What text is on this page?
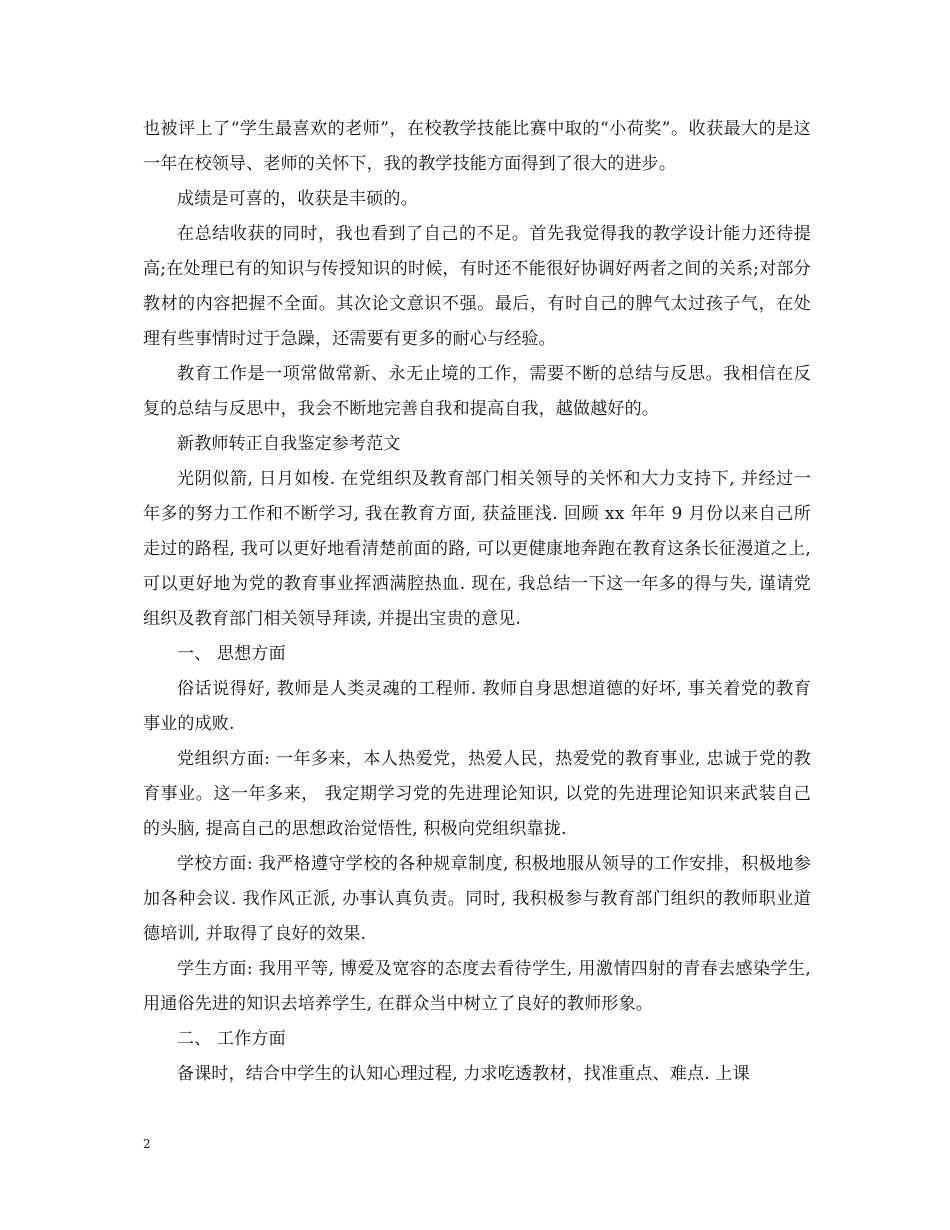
也被评上了“学生最喜欢的老师”，在校教学技能比赛中取的“小荷奖”。收获最大的是这一年在校领导、老师的关怀下，我的教学技能方面得到了很大的进步。

成绩是可喜的，收获是丰硕的。

在总结收获的同时，我也看到了自己的不足。首先我觉得我的教学设计能力还待提高;在处理已有的知识与传授知识的时候，有时还不能很好协调好两者之间的关系;对部分教材的内容把握不全面。其次论文意识不强。最后，有时自己的脾气太过孩子气，在处理有些事情时过于急躁，还需要有更多的耐心与经验。

教育工作是一项常做常新、永无止境的工作，需要不断的总结与反思。我相信在反复的总结与反思中，我会不断地完善自我和提高自我，越做越好的。

新教师转正自我鉴定参考范文

光阴似箭, 日月如梭. 在党组织及教育部门相关领导的关怀和大力支持下, 并经过一年多的努力工作和不断学习, 我在教育方面, 获益匪浅. 回顾 xx 年年 9 月份以来自己所走过的路程, 我可以更好地看清楚前面的路, 可以更健康地奔跑在教育这条长征漫道之上, 可以更好地为党的教育事业挥洒满腔热血. 现在, 我总结一下这一年多的得与失, 谨请党组织及教育部门相关领导拜读, 并提出宝贵的意见.

一、 思想方面

俗话说得好, 教师是人类灵魂的工程师. 教师自身思想道德的好坏, 事关着党的教育事业的成败.

党组织方面: 一年多来，本人热爱党，热爱人民，热爱党的教育事业, 忠诚于党的教育事业。这一年多来， 我定期学习党的先进理论知识, 以党的先进理论知识来武装自己的头脑, 提高自己的思想政治觉悟性, 积极向党组织靠拢.

学校方面: 我严格遵守学校的各种规章制度, 积极地服从领导的工作安排，积极地参加各种会议. 我作风正派, 办事认真负责。同时, 我积极参与教育部门组织的教师职业道德培训, 并取得了良好的效果.

学生方面: 我用平等, 博爱及宽容的态度去看待学生, 用激情四射的青春去感染学生, 用通俗先进的知识去培养学生, 在群众当中树立了良好的教师形象。

二、 工作方面

备课时，结合中学生的认知心理过程, 力求吃透教材，找准重点、难点. 上课

2
